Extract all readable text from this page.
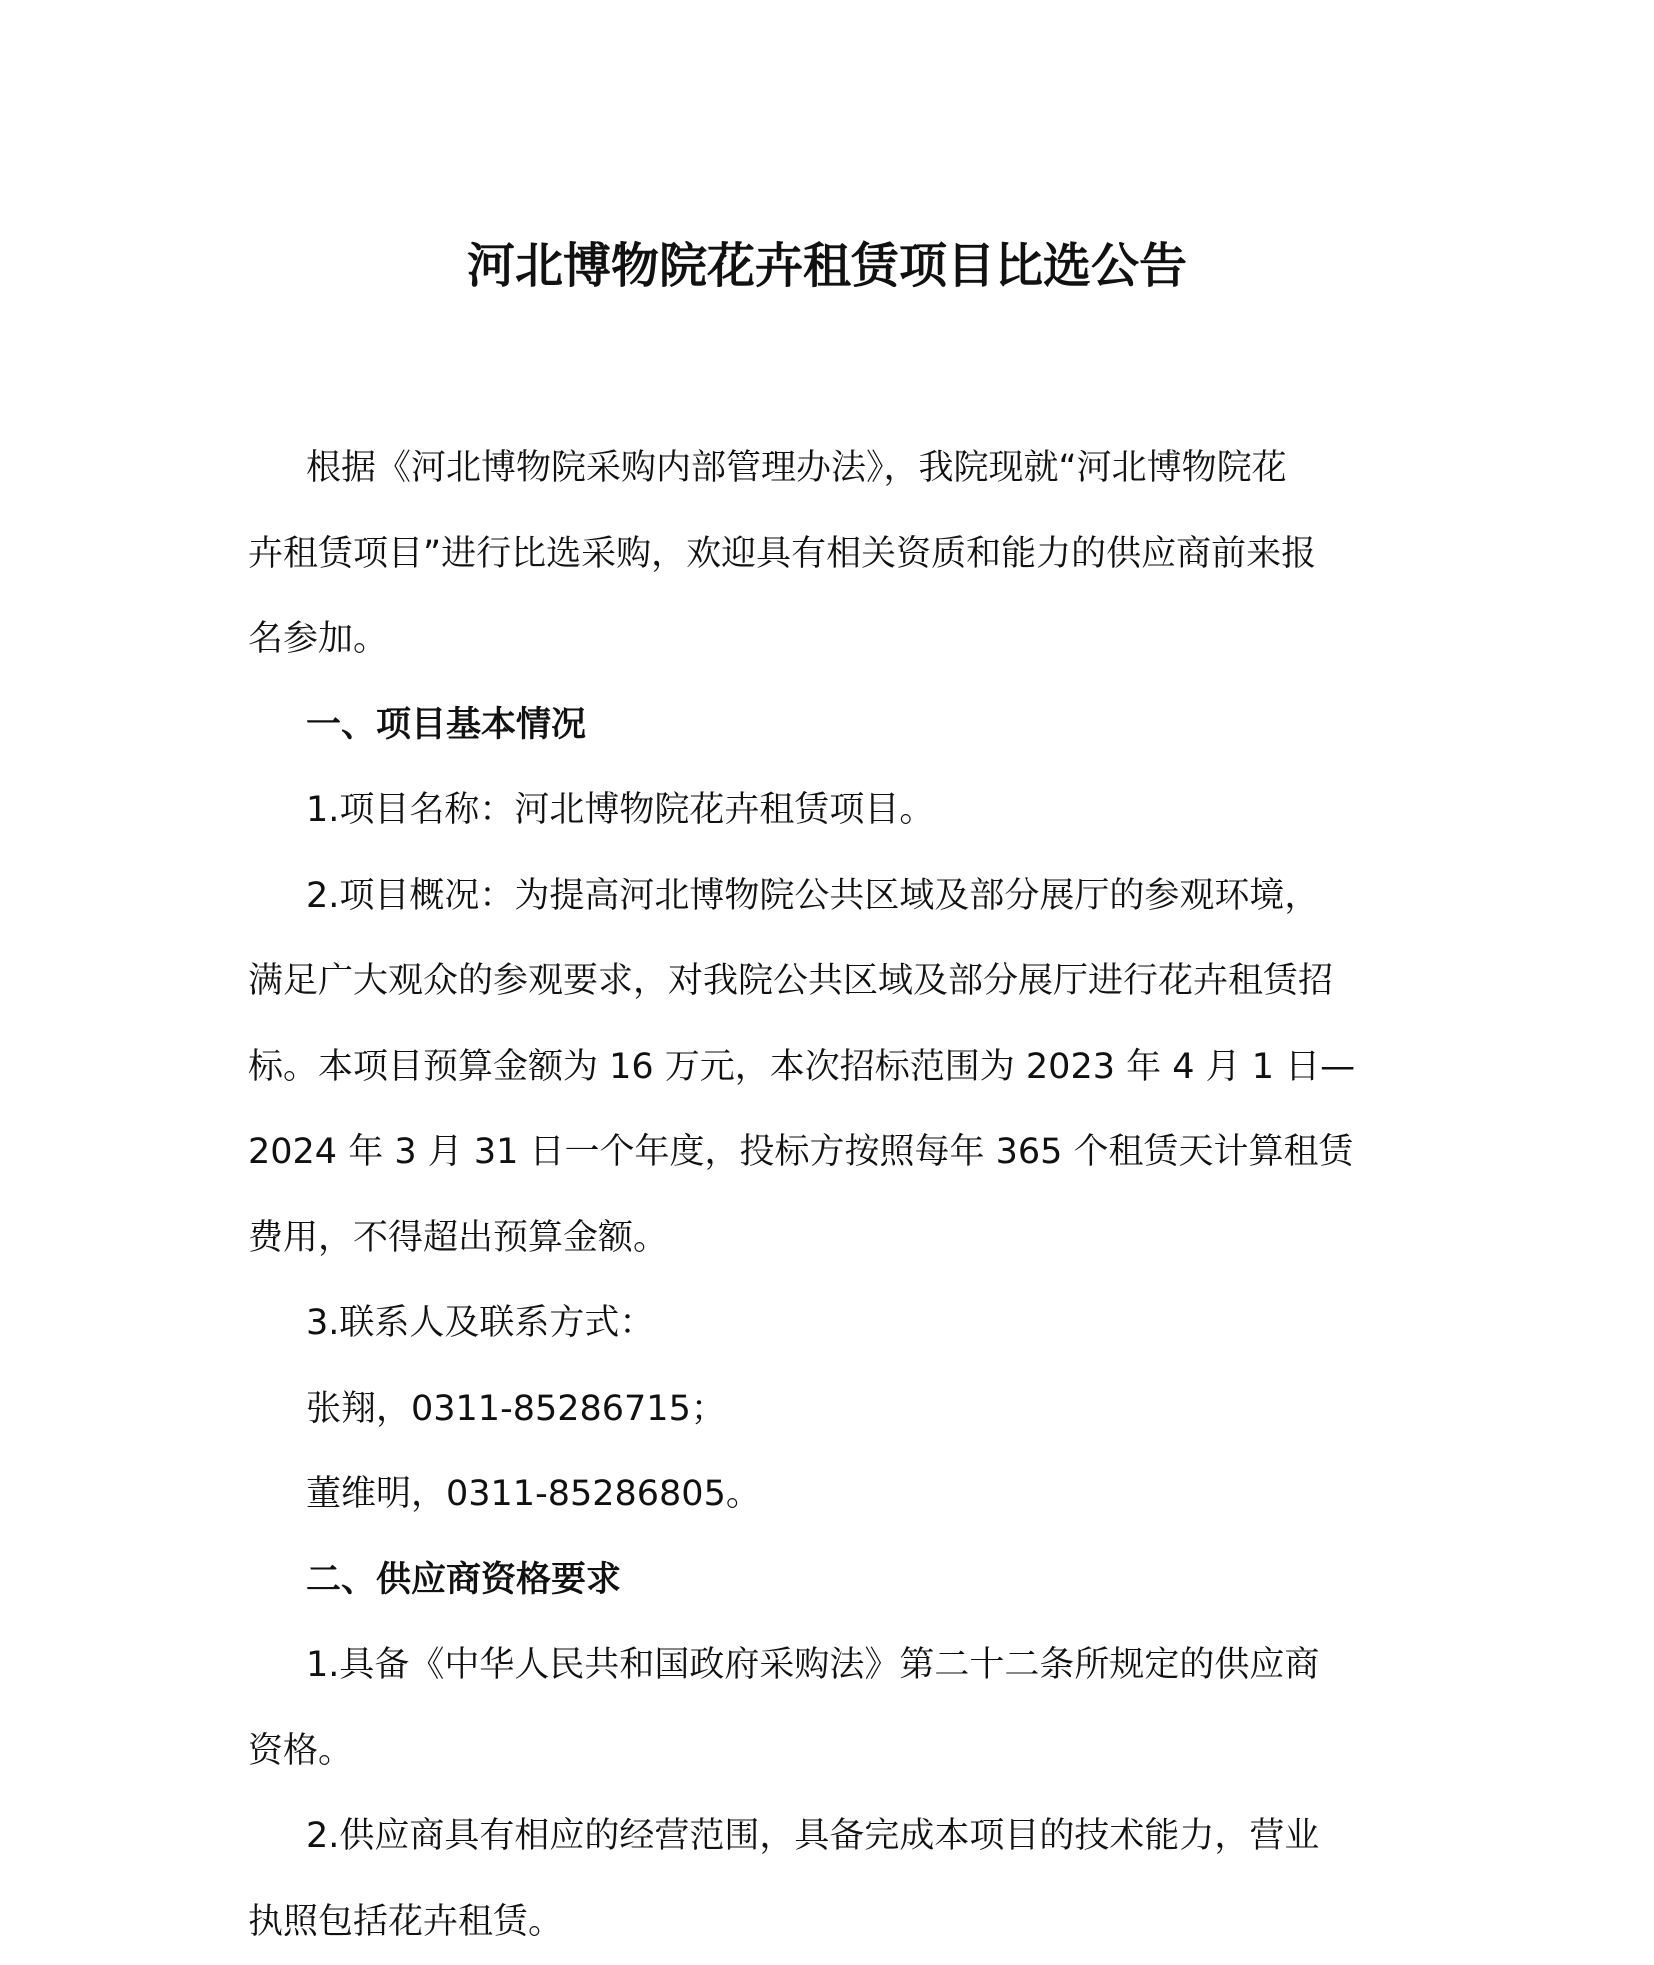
河北博物院花卉租赁项目比选公告
根据《河北博物院采购内部管理办法》，我院现就“河北博物院花
卉租赁项目”进行比选采购，欢迎具有相关资质和能力的供应商前来报
名参加。
一、项目基本情况
1.项目名称：河北博物院花卉租赁项目。
2.项目概况：为提高河北博物院公共区域及部分展厅的参观环境，
满足广大观众的参观要求，对我院公共区域及部分展厅进行花卉租赁招
标。本项目预算金额为 16 万元，本次招标范围为 2023 年 4 月 1 日—
2024 年 3 月 31 日一个年度，投标方按照每年 365 个租赁天计算租赁
费用，不得超出预算金额。
3.联系人及联系方式：
张翔，0311-85286715；
董维明，0311-85286805。
二、供应商资格要求
1.具备《中华人民共和国政府采购法》第二十二条所规定的供应商
资格。
2.供应商具有相应的经营范围，具备完成本项目的技术能力，营业
执照包括花卉租赁。
